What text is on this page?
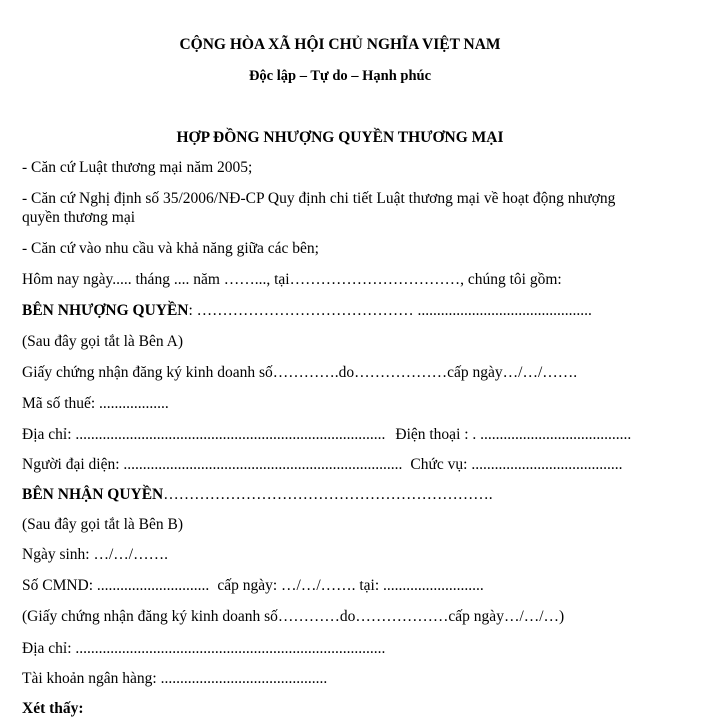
CỘNG HÒA XÃ HỘI CHỦ NGHĨA VIỆT NAM
Độc lập – Tự do – Hạnh phúc
HỢP ĐỒNG NHƯỢNG QUYỀN THƯƠNG MẠI
- Căn cứ Luật thương mại năm 2005;
- Căn cứ Nghị định số 35/2006/NĐ-CP Quy định chi tiết Luật thương mại về hoạt động nhượng
quyền thương mại
- Căn cứ vào nhu cầu và khả năng giữa các bên;
Hôm nay ngày..... tháng .... năm ……..., tại……………………………, chúng tôi gồm:
BÊN NHƯỢNG QUYỀN: …………………………………… .............................................
(Sau đây gọi tắt là Bên A)
Giấy chứng nhận đăng ký kinh doanh số………….do………………cấp ngày…/…/…….
Mã số thuế: ..................
Địa chỉ: ................................................................................ Điện thoại : . .......................................
Người đại diện: ........................................................................ Chức vụ: .......................................
BÊN NHẬN QUYỀN……………………………………………………….
(Sau đây gọi tắt là Bên B)
Ngày sinh: …/…/…….
Số CMND: ............................. cấp ngày: …/…/……. tại: ..........................
(Giấy chứng nhận đăng ký kinh doanh số…………do………………cấp ngày…/…/…)
Địa chỉ: ................................................................................
Tài khoản ngân hàng: ...........................................
Xét thấy:
